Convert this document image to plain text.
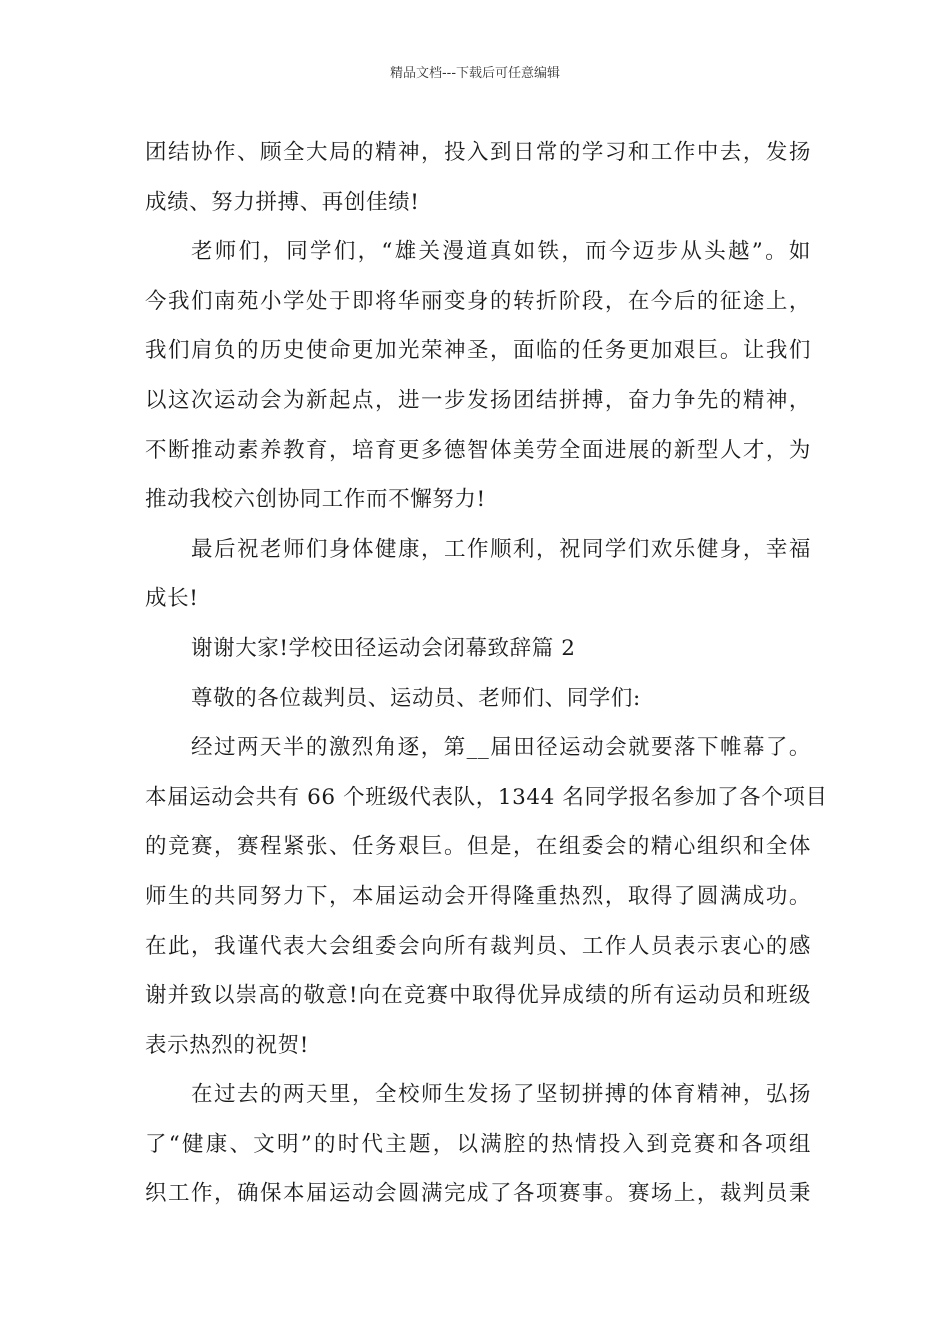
精品文档---下载后可任意编辑
团结协作、顾全大局的精神，投入到日常的学习和工作中去，发扬
成绩、努力拼搏、再创佳绩!
老师们，同学们，“雄关漫道真如铁，而今迈步从头越”。如
今我们南苑小学处于即将华丽变身的转折阶段，在今后的征途上，
我们肩负的历史使命更加光荣神圣，面临的任务更加艰巨。让我们
以这次运动会为新起点，进一步发扬团结拼搏，奋力争先的精神，
不断推动素养教育，培育更多德智体美劳全面进展的新型人才，为
推动我校六创协同工作而不懈努力!
最后祝老师们身体健康，工作顺利，祝同学们欢乐健身，幸福
成长!
谢谢大家!学校田径运动会闭幕致辞篇 2
尊敬的各位裁判员、运动员、老师们、同学们:
经过两天半的激烈角逐，第__届田径运动会就要落下帷幕了。
本届运动会共有 66 个班级代表队，1344 名同学报名参加了各个项目
的竞赛，赛程紧张、任务艰巨。但是，在组委会的精心组织和全体
师生的共同努力下，本届运动会开得隆重热烈，取得了圆满成功。
在此，我谨代表大会组委会向所有裁判员、工作人员表示衷心的感
谢并致以崇高的敬意!向在竞赛中取得优异成绩的所有运动员和班级
表示热烈的祝贺!
在过去的两天里，全校师生发扬了坚韧拼搏的体育精神，弘扬
了“健康、文明”的时代主题，以满腔的热情投入到竞赛和各项组
织工作，确保本届运动会圆满完成了各项赛事。赛场上，裁判员秉
